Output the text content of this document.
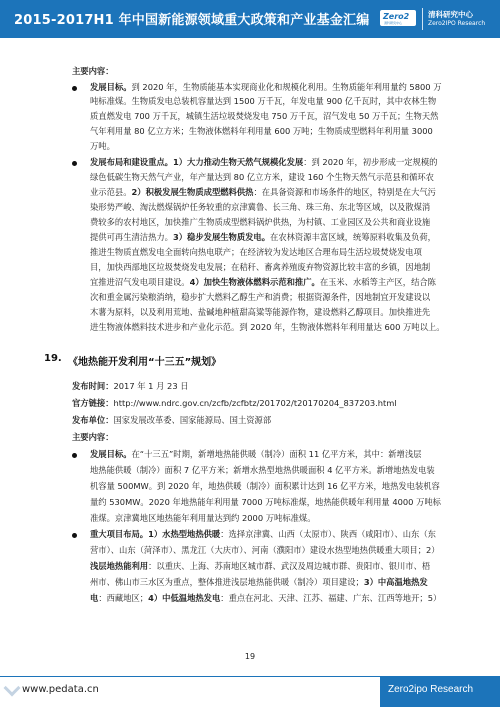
2015-2017H1 年中国新能源领域重大政策和产业基金汇编 Zero2
清科研究中心
清科研究中心
Zero2IPO Research
主要内容：
发展目标。到 2020 年，生物质能基本实现商业化和规模化利用。生物质能年利用量约 5800 万
吨标准煤。生物质发电总装机容量达到 1500 万千瓦，年发电量 900 亿千瓦时，其中农林生物
质直燃发电 700 万千瓦，城镇生活垃圾焚烧发电 750 万千瓦，沼气发电 50 万千瓦；生物天然
气年利用量 80 亿立方米；生物液体燃料年利用量 600 万吨；生物质成型燃料年利用量 3000
万吨。
发展布局和建设重点。1）大力推动生物天然气规模化发展：到 2020 年，初步形成一定规模的
绿色低碳生物天然气产业，年产量达到 80 亿立方米，建设 160 个生物天然气示范县和循环农
业示范县。2）积极发展生物质成型燃料供热：在具备资源和市场条件的地区，特别是在大气污
染形势严峻、淘汰燃煤锅炉任务较重的京津冀鲁、长三角、珠三角、东北等区域，以及散煤消
费较多的农村地区，加快推广生物质成型燃料锅炉供热，为村镇、工业园区及公共和商业设施
提供可再生清洁热力。3）稳步发展生物质发电。在农林资源丰富区域，统筹原料收集及负荷，
推进生物质直燃发电全面转向热电联产；在经济较为发达地区合理布局生活垃圾焚烧发电项
目，加快西部地区垃圾焚烧发电发展；在秸秆、畜禽养殖废弃物资源比较丰富的乡镇，因地制
宜推进沼气发电项目建设。4）加快生物液体燃料示范和推广。在玉米、水稻等主产区，结合陈
次和重金属污染粮消纳，稳步扩大燃料乙醇生产和消费；根据资源条件，因地制宜开发建设以
木薯为原料，以及利用荒地、盐碱地种植甜高粱等能源作物，建设燃料乙醇项目。加快推进先
进生物液体燃料技术进步和产业化示范。到 2020 年，生物液体燃料年利用量达 600 万吨以上。
19. 《地热能开发利用“十三五”规划》
发布时间：2017 年 1 月 23 日
官方链接：http://www.ndrc.gov.cn/zcfb/zcfbtz/201702/t20170204_837203.html
发布单位：国家发展改革委、国家能源局、国土资源部
主要内容：
发展目标。在“十三五”时期，新增地热能供暖（制冷）面积 11 亿平方米，其中：新增浅层
地热能供暖（制冷）面积 7 亿平方米；新增水热型地热供暖面积 4 亿平方米。新增地热发电装
机容量 500MW。到 2020 年，地热供暖（制冷）面积累计达到 16 亿平方米，地热发电装机容
量约 530MW。2020 年地热能年利用量 7000 万吨标准煤，地热能供暖年利用量 4000 万吨标
准煤。京津冀地区地热能年利用量达到约 2000 万吨标准煤。
重大项目布局。1）水热型地热供暖：选择京津冀、山西（太原市）、陕西（咸阳市）、山东（东
营市）、山东（菏泽市）、黑龙江（大庆市）、河南（濮阳市）建设水热型地热供暖重大项目；2）
浅层地热能利用：以重庆、上海、苏南地区城市群、武汉及周边城市群、贵阳市、银川市、梧
州市、佛山市三水区为重点，整体推进浅层地热能供暖（制冷）项目建设；3）中高温地热发
电：西藏地区；4）中低温地热发电：重点在河北、天津、江苏、福建、广东、江西等地开；5）
19
www.pedata.cn	Zero2ipo Research
